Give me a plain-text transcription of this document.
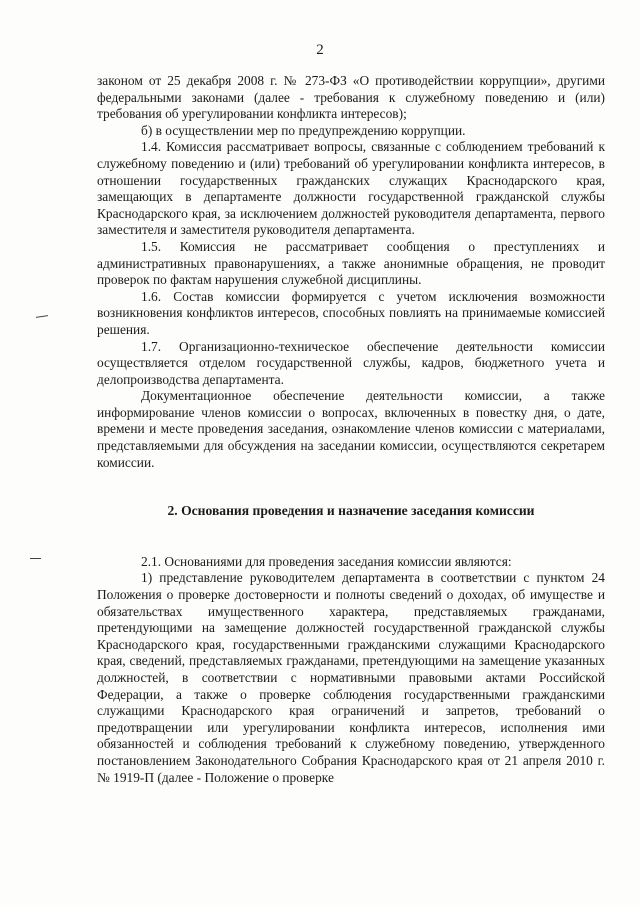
2

законом от 25 декабря 2008 г. № 273-ФЗ «О противодействии коррупции», другими федеральными законами (далее - требования к служебному поведению и (или) требования об урегулировании конфликта интересов);

б) в осуществлении мер по предупреждению коррупции.

1.4. Комиссия рассматривает вопросы, связанные с соблюдением требований к служебному поведению и (или) требований об урегулировании конфликта интересов, в отношении государственных гражданских служащих Краснодарского края, замещающих в департаменте должности государственной гражданской службы Краснодарского края, за исключением должностей руководителя департамента, первого заместителя и заместителя руководителя департамента.

1.5. Комиссия не рассматривает сообщения о преступлениях и административных правонарушениях, а также анонимные обращения, не проводит проверок по фактам нарушения служебной дисциплины.

1.6. Состав комиссии формируется с учетом исключения возможности возникновения конфликтов интересов, способных повлиять на принимаемые комиссией решения.

1.7. Организационно-техническое обеспечение деятельности комиссии осуществляется отделом государственной службы, кадров, бюджетного учета и делопроизводства департамента.

Документационное обеспечение деятельности комиссии, а также информирование членов комиссии о вопросах, включенных в повестку дня, о дате, времени и месте проведения заседания, ознакомление членов комиссии с материалами, представляемыми для обсуждения на заседании комиссии, осуществляются секретарем комиссии.

2. Основания проведения и назначение заседания комиссии

2.1. Основаниями для проведения заседания комиссии являются:

1) представление руководителем департамента в соответствии с пунктом 24 Положения о проверке достоверности и полноты сведений о доходах, об имуществе и обязательствах имущественного характера, представляемых гражданами, претендующими на замещение должностей государственной гражданской службы Краснодарского края, государственными гражданскими служащими Краснодарского края, сведений, представляемых гражданами, претендующими на замещение указанных должностей, в соответствии с нормативными правовыми актами Российской Федерации, а также о проверке соблюдения государственными гражданскими служащими Краснодарского края ограничений и запретов, требований о предотвращении или урегулировании конфликта интересов, исполнения ими обязанностей и соблюдения требований к служебному поведению, утвержденного постановлением Законодательного Собрания Краснодарского края от 21 апреля 2010 г. № 1919-П (далее - Положение о проверке
